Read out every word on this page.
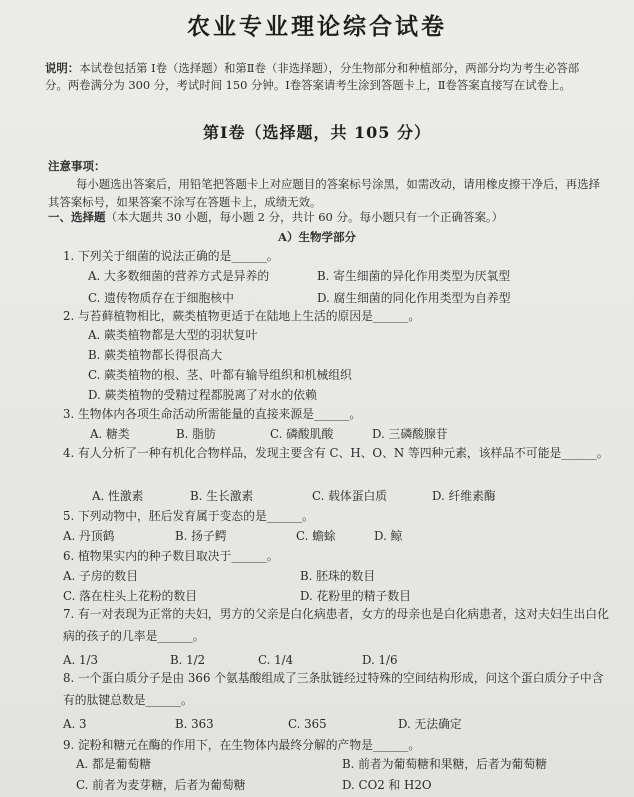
农业专业理论综合试卷
说明：本试卷包括第 Ⅰ卷（选择题）和第Ⅱ卷（非选择题），分生物部分和种植部分，两部分均为考生必答部分。两卷满分为 300 分，考试时间 150 分钟。Ⅰ卷答案请考生涂到答题卡上，Ⅱ卷答案直接写在试卷上。
第Ⅰ卷（选择题，共 105 分）
注意事项：
每小题选出答案后，用铅笔把答题卡上对应题目的答案标号涂黑，如需改动，请用橡皮擦干净后，再选择其答案标号，如果答案不涂写在答题卡上，成绩无效。
一、选择题（本大题共 30 小题，每小题 2 分，共计 60 分。每小题只有一个正确答案。）
A）生物学部分
1. 下列关于细菌的说法正确的是______。
A. 大多数细菌的营养方式是异养的	B. 寄生细菌的异化作用类型为厌氧型
C. 遗传物质存在于细胞核中	D. 腐生细菌的同化作用类型为自养型
2. 与苔藓植物相比，蕨类植物更适于在陆地上生活的原因是______。
A. 蕨类植物都是大型的羽状复叶
B. 蕨类植物都长得很高大
C. 蕨类植物的根、茎、叶都有输导组织和机械组织
D. 蕨类植物的受精过程都脱离了对水的依赖
3. 生物体内各项生命活动所需能量的直接来源是______。
A. 糖类	B. 脂肪	C. 磷酸肌酸	D. 三磷酸腺苷
4. 有人分析了一种有机化合物样品，发现主要含有 C、H、O、N 等四种元素，该样品不可能是______。
A. 性激素	B. 生长激素	C. 载体蛋白质	D. 纤维素酶
5. 下列动物中，胚后发育属于变态的是______。
A. 丹顶鹤	B. 扬子鳄	C. 蟾蜍	D. 鲸
6. 植物果实内的种子数目取决于______。
A. 子房的数目	B. 胚珠的数目
C. 落在柱头上花粉的数目	D. 花粉里的精子数目
7. 有一对表现为正常的夫妇，男方的父亲是白化病患者，女方的母亲也是白化病患者，这对夫妇生出白化病的孩子的几率是______。
A. 1/3	B. 1/2	C. 1/4	D. 1/6
8. 一个蛋白质分子是由 366 个氨基酸组成了三条肽链经过特殊的空间结构形成，问这个蛋白质分子中含有的肽键总数是______。
A. 3	B. 363	C. 365	D. 无法确定
9. 淀粉和糖元在酶的作用下，在生物体内最终分解的产物是______。
A. 都是葡萄糖	B. 前者为葡萄糖和果糖，后者为葡萄糖
C. 前者为麦芽糖，后者为葡萄糖	D. CO2 和 H2O
